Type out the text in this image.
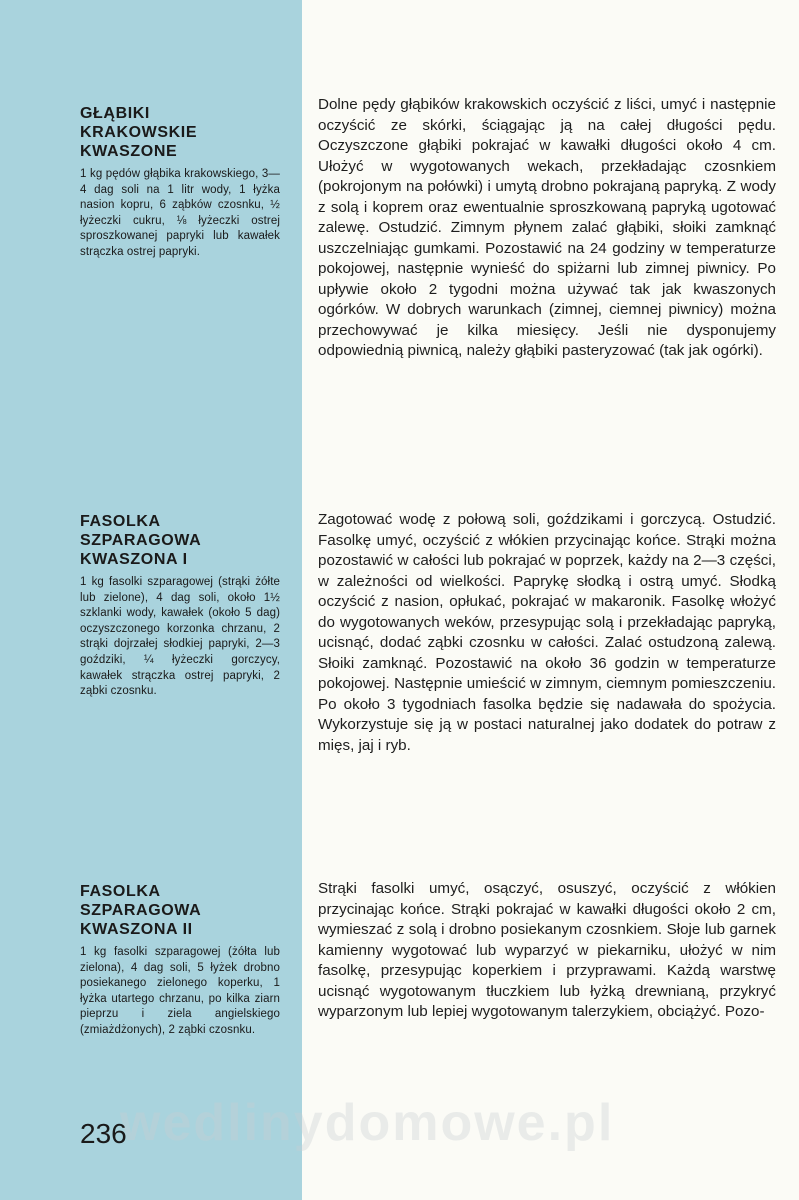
wedlinydomowe.pl
GŁĄBIKI
KRAKOWSKIE
KWASZONE

1 kg pędów głąbika krakowskiego, 3—4 dag soli na 1 litr wody, 1 łyżka nasion kopru, 6 ząbków czosnku, ½ łyżeczki cukru, ⅛ łyżeczki ostrej sproszkowanej papryki lub kawałek strączka ostrej papryki.

Dolne pędy głąbików krakowskich oczyścić z liści, umyć i następnie oczyścić ze skórki, ściągając ją na całej długości pędu. Oczyszczone głąbiki pokrajać w kawałki długości około 4 cm. Ułożyć w wygotowanych wekach, przekładając czosnkiem (pokrojonym na połówki) i umytą drobno pokrajaną papryką. Z wody z solą i koprem oraz ewentualnie sproszkowaną papryką ugotować zalewę. Ostudzić. Zimnym płynem zalać głąbiki, słoiki zamknąć uszczelniając gumkami. Pozostawić na 24 godziny w temperaturze pokojowej, następnie wynieść do spiżarni lub zimnej piwnicy. Po upływie około 2 tygodni można używać tak jak kwaszonych ogórków. W dobrych warunkach (zimnej, ciemnej piwnicy) można przechowywać je kilka miesięcy. Jeśli nie dysponujemy odpowiednią piwnicą, należy głąbiki pasteryzować (tak jak ogórki).

FASOLKA
SZPARAGOWA
KWASZONA I

1 kg fasolki szparagowej (strąki żółte lub zielone), 4 dag soli, około 1½ szklanki wody, kawałek (około 5 dag) oczyszczonego korzonka chrzanu, 2 strąki dojrzałej słodkiej papryki, 2—3 goździki, ¼ łyżeczki gorczycy, kawałek strączka ostrej papryki, 2 ząbki czosnku.

Zagotować wodę z połową soli, goździkami i gorczycą. Ostudzić. Fasolkę umyć, oczyścić z włókien przycinając końce. Strąki można pozostawić w całości lub pokrajać w poprzek, każdy na 2—3 części, w zależności od wielkości. Paprykę słodką i ostrą umyć. Słodką oczyścić z nasion, opłukać, pokrajać w makaronik. Fasolkę włożyć do wygotowanych weków, przesypując solą i przekładając papryką, ucisnąć, dodać ząbki czosnku w całości. Zalać ostudzoną zalewą. Słoiki zamknąć. Pozostawić na około 36 godzin w temperaturze pokojowej. Następnie umieścić w zimnym, ciemnym pomieszczeniu. Po około 3 tygodniach fasolka będzie się nadawała do spożycia. Wykorzystuje się ją w postaci naturalnej jako dodatek do potraw z mięs, jaj i ryb.

FASOLKA
SZPARAGOWA
KWASZONA II

1 kg fasolki szparagowej (żółta lub zielona), 4 dag soli, 5 łyżek drobno posiekanego zielonego koperku, 1 łyżka utartego chrzanu, po kilka ziarn pieprzu i ziela angielskiego (zmiażdżonych), 2 ząbki czosnku.

Strąki fasolki umyć, osączyć, osuszyć, oczyścić z włókien przycinając końce. Strąki pokrajać w kawałki długości około 2 cm, wymieszać z solą i drobno posiekanym czosnkiem. Słoje lub garnek kamienny wygotować lub wyparzyć w piekarniku, ułożyć w nim fasolkę, przesypując koperkiem i przyprawami. Każdą warstwę ucisnąć wygotowanym tłuczkiem lub łyżką drewnianą, przykryć wyparzonym lub lepiej wygotowanym talerzykiem, obciążyć. Pozo-

236
